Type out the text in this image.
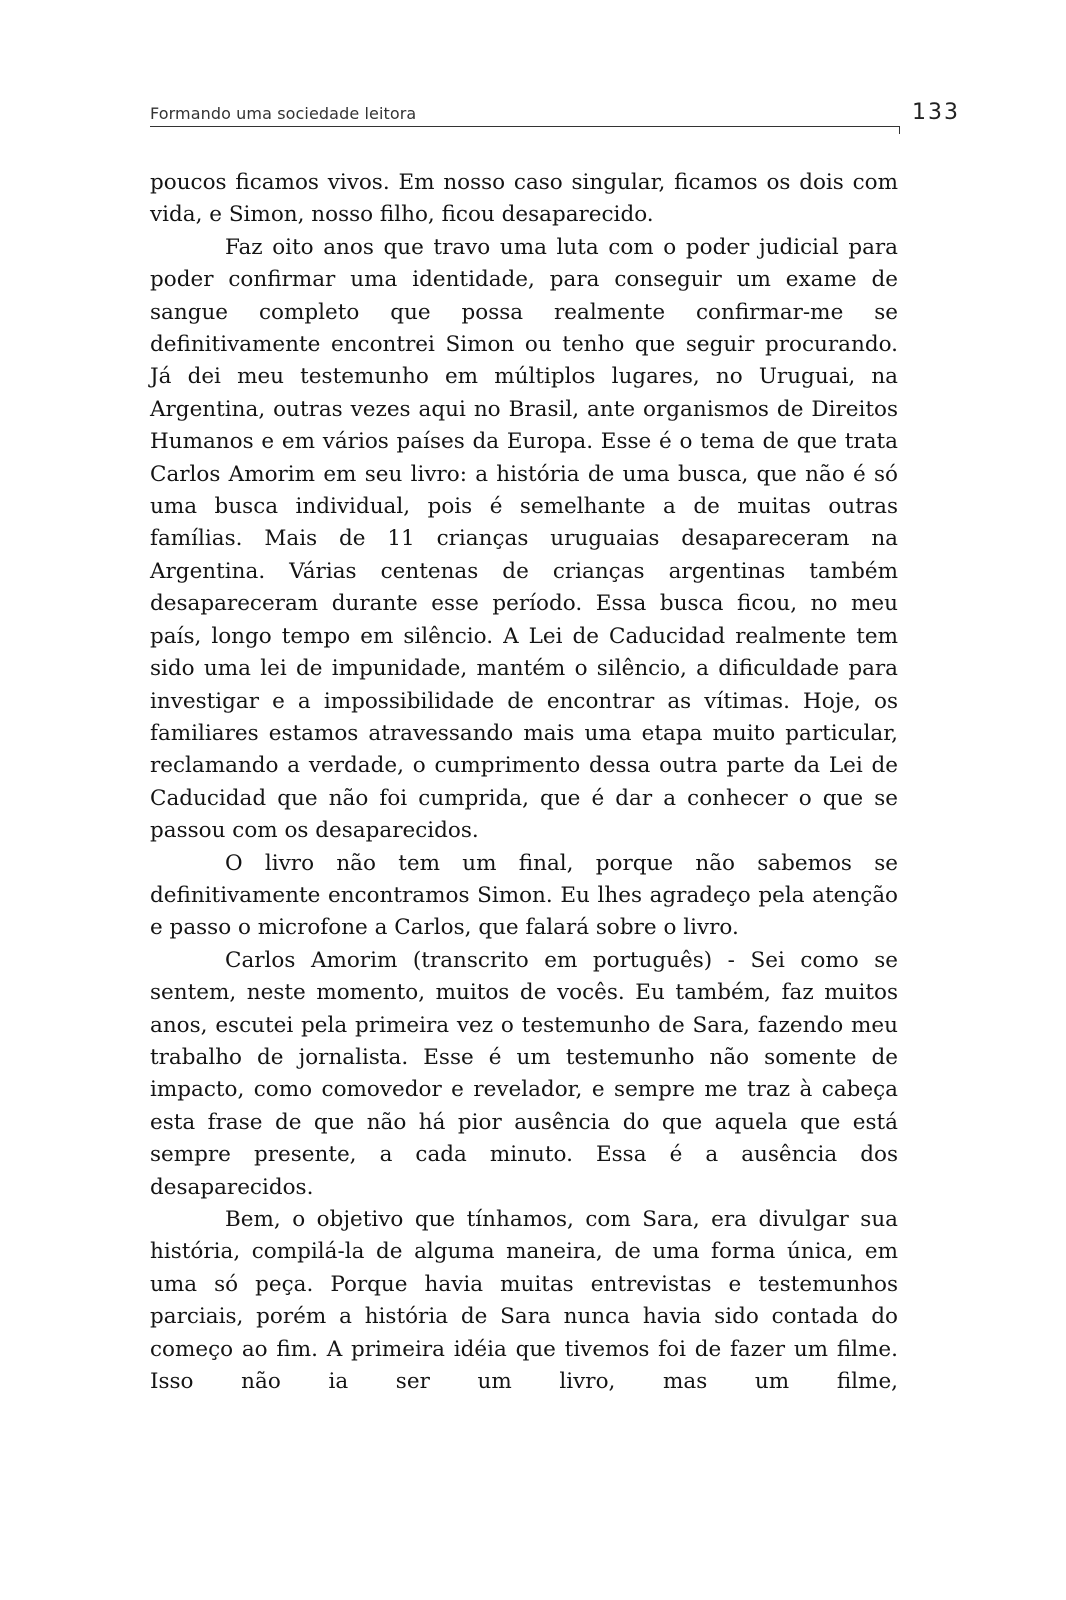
Formando uma sociedade leitora	133

poucos ficamos vivos. Em nosso caso singular, ficamos os dois com vida, e Simon, nosso filho, ficou desaparecido.

Faz oito anos que travo uma luta com o poder judicial para poder confirmar uma identidade, para conseguir um exame de sangue completo que possa realmente confirmar-me se definitivamente encontrei Simon ou tenho que seguir procurando. Já dei meu testemunho em múltiplos lugares, no Uruguai, na Argentina, outras vezes aqui no Brasil, ante organismos de Direitos Humanos e em vários países da Europa. Esse é o tema de que trata Carlos Amorim em seu livro: a história de uma busca, que não é só uma busca individual, pois é semelhante a de muitas outras famílias. Mais de 11 crianças uruguaias desapareceram na Argentina. Várias centenas de crianças argentinas também desapareceram durante esse período. Essa busca ficou, no meu país, longo tempo em silêncio. A Lei de Caducidad realmente tem sido uma lei de impunidade, mantém o silêncio, a dificuldade para investigar e a impossibilidade de encontrar as vítimas. Hoje, os familiares estamos atravessando mais uma etapa muito particular, reclamando a verdade, o cumprimento dessa outra parte da Lei de Caducidad que não foi cumprida, que é dar a conhecer o que se passou com os desaparecidos.

O livro não tem um final, porque não sabemos se definitivamente encontramos Simon. Eu lhes agradeço pela atenção e passo o microfone a Carlos, que falará sobre o livro.

Carlos Amorim (transcrito em português) - Sei como se sentem, neste momento, muitos de vocês. Eu também, faz muitos anos, escutei pela primeira vez o testemunho de Sara, fazendo meu trabalho de jornalista. Esse é um testemunho não somente de impacto, como comovedor e revelador, e sempre me traz à cabeça esta frase de que não há pior ausência do que aquela que está sempre presente, a cada minuto. Essa é a ausência dos desaparecidos.

Bem, o objetivo que tínhamos, com Sara, era divulgar sua história, compilá-la de alguma maneira, de uma forma única, em uma só peça. Porque havia muitas entrevistas e testemunhos parciais, porém a história de Sara nunca havia sido contada do começo ao fim. A primeira idéia que tivemos foi de fazer um filme. Isso não ia ser um livro, mas um filme,
